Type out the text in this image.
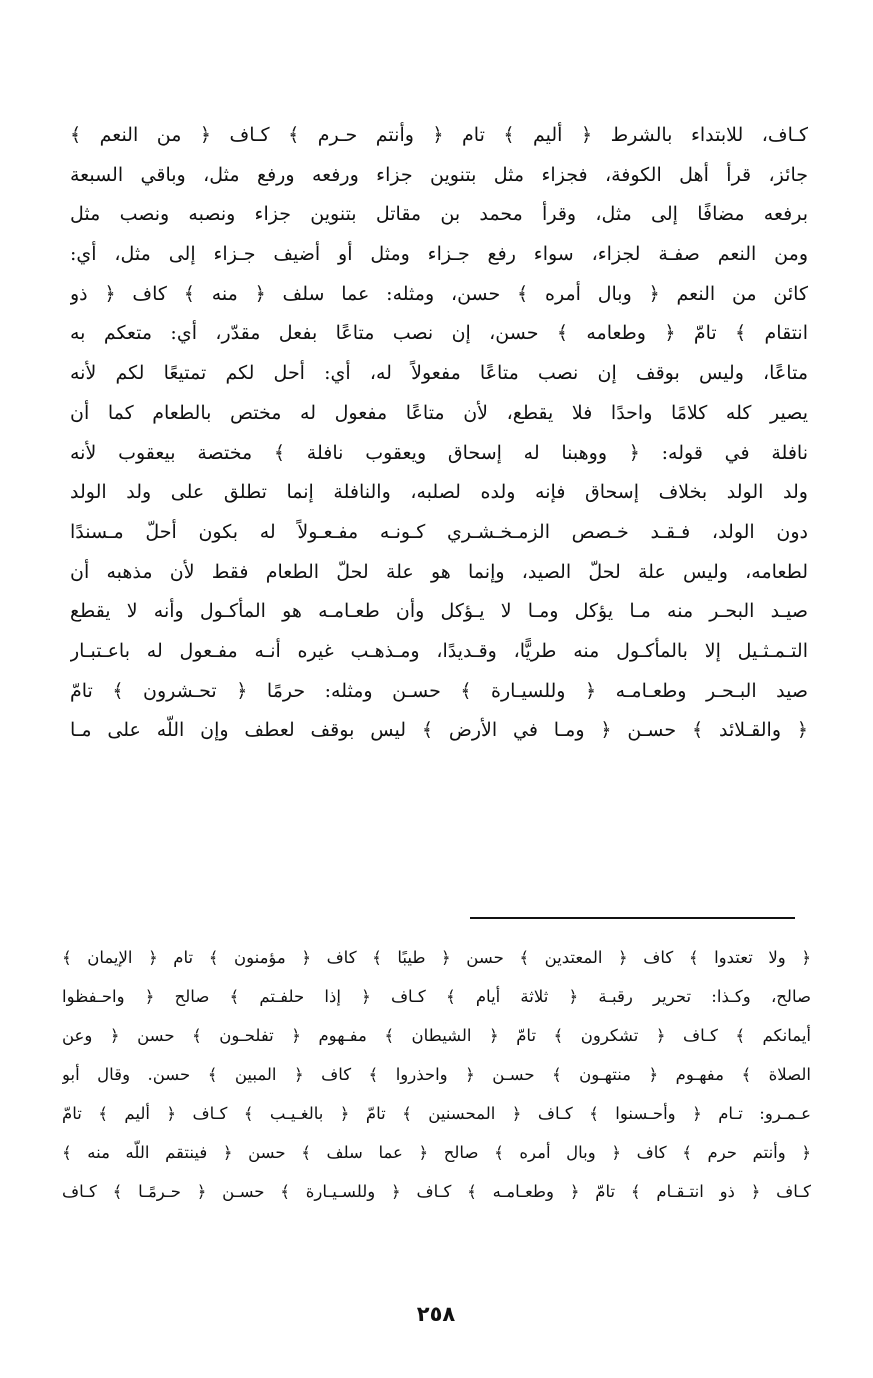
كـاف، للابتداء بالشرط ﴿ أليم ﴾ تام ﴿ وأنتم حـرم ﴾ كـاف ﴿ من النعم ﴾
جائز، قرأ أهل الكوفة، فجزاء مثل بتنوين جزاء ورفعه ورفع مثل، وباقي السبعة
برفعه مضافًا إلى مثل، وقرأ محمد بن مقاتل بتنوين جزاء ونصبه ونصب مثل
ومن النعم صفـة لجزاء، سواء رفع جـزاء ومثل أو أضيف جـزاء إلى مثل، أي:
كائن من النعم ﴿ وبال أمره ﴾ حسن، ومثله: عما سلف ﴿ منه ﴾ كاف ﴿ ذو
انتقام ﴾ تامّ ﴿ وطعامه ﴾ حسن، إن نصب متاعًا بفعل مقدّر، أي: متعكم به
متاعًا، وليس بوقف إن نصب متاعًا مفعولاً له، أي: أحل لكم تمتيعًا لكم لأنه
يصير كله كلامًا واحدًا فلا يقطع، لأن متاعًا مفعول له مختص بالطعام كما أن
نافلة في قوله: ﴿ ووهبنا له إسحاق ويعقوب نافلة ﴾ مختصة بيعقوب لأنه
ولد الولد بخلاف إسحاق فإنه ولده لصلبه، والنافلة إنما تطلق على ولد الولد
دون الولد، فـقـد خـصص الزمـخـشـري كـونـه مفـعـولاً له بكون أحلّ مـسندًا
لطعامه، وليس علة لحلّ الصيد، وإنما هو علة لحلّ الطعام فقط لأن مذهبه أن
صيـد البحـر منه مـا يؤكل ومـا لا يـؤكل وأن طعـامـه هو المأكـول وأنه لا يقطع
التـمـثـيل إلا بالمأكـول منه طريًّا، وقـديدًا، ومـذهـب غيره أنـه مفـعول له باعـتبـار
صيد البـحـر وطعـامـه ﴿ وللسيـارة ﴾ حسـن ومثله: حرمًا ﴿ تحـشرون ﴾ تامّ
﴿ والقـلائد ﴾ حسـن ﴿ ومـا في الأرض ﴾ ليس بوقف لعطف وإن اللّه على مـا
﴿ ولا تعتدوا ﴾ كاف ﴿ المعتدين ﴾ حسن ﴿ طيبًا ﴾ كاف ﴿ مؤمنون ﴾ تام ﴿ الإيمان ﴾
صالح، وكـذا: تحرير رقبـة ﴿ ثلاثة أيام ﴾ كـاف ﴿ إذا حلفـتم ﴾ صالح ﴿ واحـفظوا
أيمانكم ﴾ كـاف ﴿ تشكرون ﴾ تامّ ﴿ الشيطان ﴾ مفـهوم ﴿ تفلحـون ﴾ حسن ﴿ وعن
الصلاة ﴾ مفهـوم ﴿ منتهـون ﴾ حسـن ﴿ واحذروا ﴾ كاف ﴿ المبين ﴾ حسن. وقال أبو
عـمـرو: تـام ﴿ وأحـسنوا ﴾ كـاف ﴿ المحسنين ﴾ تامّ ﴿ بالغـيـب ﴾ كـاف ﴿ أليم ﴾ تامّ
﴿ وأنتم حرم ﴾ كاف ﴿ وبال أمره ﴾ صالح ﴿ عما سلف ﴾ حسن ﴿ فينتقم اللّه منه ﴾
كـاف ﴿ ذو انتـقـام ﴾ تامّ ﴿ وطعـامـه ﴾ كـاف ﴿ وللسـيـارة ﴾ حسـن ﴿ حـرمًـا ﴾ كـاف
٢٥٨
